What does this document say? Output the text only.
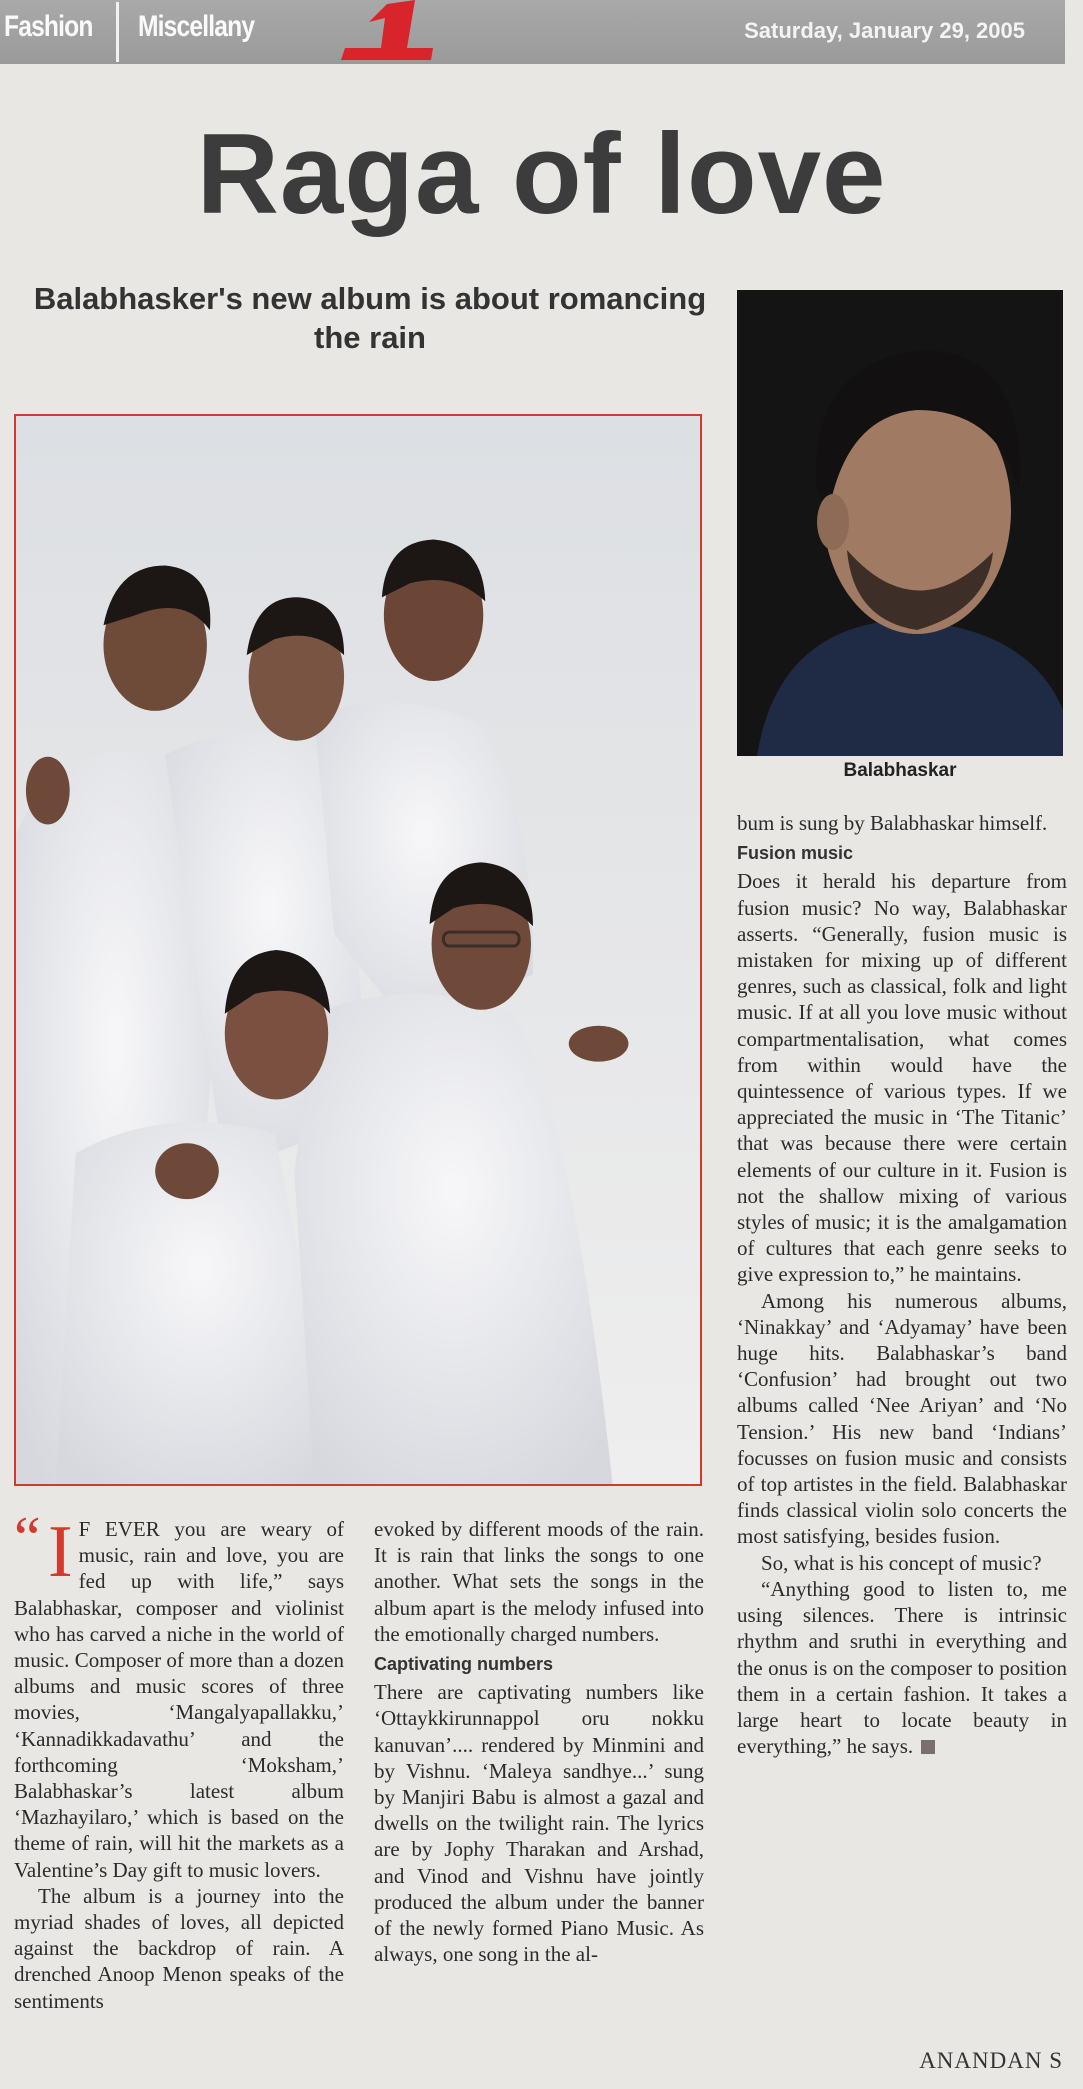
Fashion Miscellany	Saturday, January 29, 2005
Raga of love
Balabhasker's new album is about romancing the rain
Balabhaskar
“ I F EVER you are weary of music, rain and love, you are fed up with life,” says Balabhaskar, composer and violinist who has carved a niche in the world of music. Composer of more than a dozen albums and music scores of three movies, ‘Mangalyapallakku,’ ‘Kannadikkadavathu’ and the forthcoming ‘Moksham,’ Balabhaskar’s latest album ‘Mazhayilaro,’ which is based on the theme of rain, will hit the markets as a Valentine’s Day gift to music lovers.

The album is a journey into the myriad shades of loves, all depicted against the backdrop of rain. A drenched Anoop Menon speaks of the sentiments

evoked by different moods of the rain. It is rain that links the songs to one another. What sets the songs in the album apart is the melody infused into the emotionally charged numbers.

Captivating numbers

There are captivating numbers like ‘Ottaykkirunnappol oru nokku kanuvan’.... rendered by Minmini and by Vishnu. ‘Maleya sandhye...’ sung by Manjiri Babu is almost a gazal and dwells on the twilight rain. The lyrics are by Jophy Tharakan and Arshad, and Vinod and Vishnu have jointly produced the album under the banner of the newly formed Piano Music. As always, one song in the al-

bum is sung by Balabhaskar himself.

Fusion music

Does it herald his departure from fusion music? No way, Balabhaskar asserts. “Generally, fusion music is mistaken for mixing up of different genres, such as classical, folk and light music. If at all you love music without compartmentalisation, what comes from within would have the quintessence of various types. If we appreciated the music in ‘The Titanic’ that was because there were certain elements of our culture in it. Fusion is not the shallow mixing of various styles of music; it is the amalgamation of cultures that each genre seeks to give expression to,” he maintains.

Among his numerous albums, ‘Ninakkay’ and ‘Adyamay’ have been huge hits. Balabhaskar’s band ‘Confusion’ had brought out two albums called ‘Nee Ariyan’ and ‘No Tension.’ His new band ‘Indians’ focusses on fusion music and consists of top artistes in the field. Balabhaskar finds classical violin solo concerts the most satisfying, besides fusion.

So, what is his concept of music?

“Anything good to listen to, me using silences. There is intrinsic rhythm and sruthi in everything and the onus is on the composer to position them in a certain fashion. It takes a large heart to locate beauty in everything,” he says.

ANANDAN S
